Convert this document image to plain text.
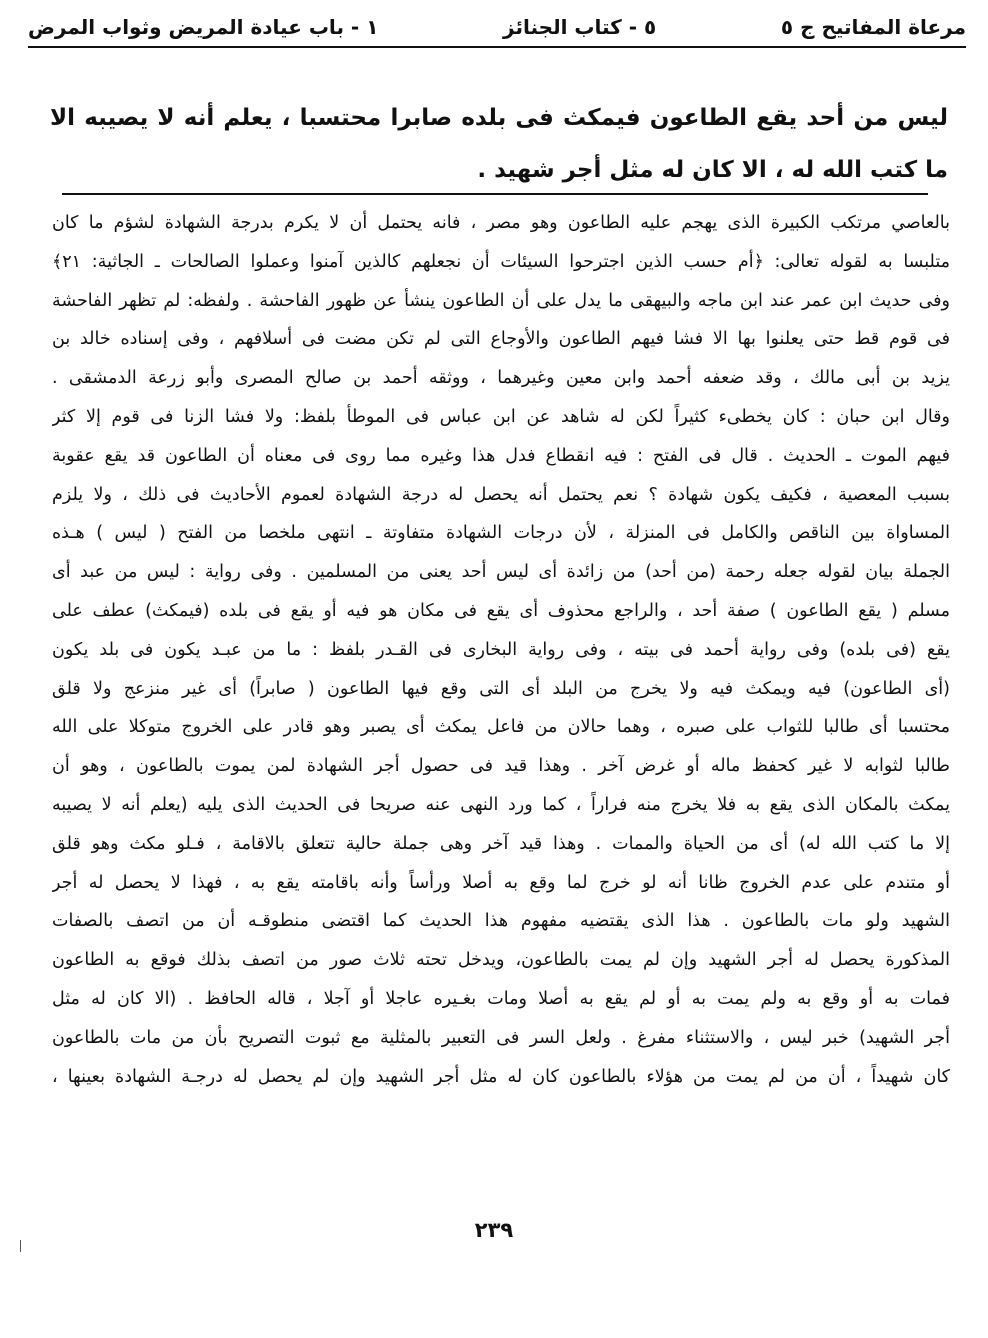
مرعاة المفاتيح ج ٥
٥ - كتاب الجنائز
١ - باب عيادة المريض وثواب المرض
ليس من أحد يقع الطاعون فيمكث فى بلده صابرا محتسبا ، يعلم أنه لا يصيبه الا ما كتب الله له ، الا كان له مثل أجر شهيد .
بالعاصي مرتكب الكبيرة الذى يهجم عليه الطاعون وهو مصر ، فانه يحتمل أن لا يكرم بدرجة الشهادة لشؤم ما كان
متلبسا به لقوله تعالى: ﴿أم حسب الذين اجترحوا السيئات أن نجعلهم كالذين آمنوا وعملوا الصالحات ـ الجاثية: ٢١﴾
وفى حديث ابن عمر عند ابن ماجه والبيهقى ما يدل على أن الطاعون ينشأ عن ظهور الفاحشة . ولفظه: لم تظهر الفاحشة
فى قوم قط حتى يعلنوا بها الا فشا فيهم الطاعون والأوجاع التى لم تكن مضت فى أسلافهم ، وفى إسناده خالد بن
يزيد بن أبى مالك ، وقد ضعفه أحمد وابن معين وغيرهما ، ووثقه أحمد بن صالح المصرى وأبو زرعة الدمشقى .
وقال ابن حبان : كان يخطىء كثيراً لكن له شاهد عن ابن عباس فى الموطأ بلفظ: ولا فشا الزنا فى قوم إلا كثر
فيهم الموت ـ الحديث . قال فى الفتح : فيه انقطاع فدل هذا وغيره مما روى فى معناه أن الطاعون قد يقع عقوبة
بسبب المعصية ، فكيف يكون شهادة ؟ نعم يحتمل أنه يحصل له درجة الشهادة لعموم الأحاديث فى ذلك ، ولا يلزم
المساواة بين الناقص والكامل فى المنزلة ، لأن درجات الشهادة متفاوتة ـ انتهى ملخصا من الفتح ( ليس ) هـذه
الجملة بيان لقوله جعله رحمة (من أحد) من زائدة أى ليس أحد يعنى من المسلمين . وفى رواية : ليس من عبد أى
مسلم ( يقع الطاعون ) صفة أحد ، والراجع محذوف أى يقع فى مكان هو فيه أو يقع فى بلده (فيمكث) عطف على
يقع (فى بلده) وفى رواية أحمد فى بيته ، وفى رواية البخارى فى القـدر بلفظ : ما من عبـد يكون فى بلد يكون
(أى الطاعون) فيه ويمكث فيه ولا يخرج من البلد أى التى وقع فيها الطاعون ( صابراً) أى غير منزعج ولا قلق
محتسبا أى طالبا للثواب على صبره ، وهما حالان من فاعل يمكث أى يصبر وهو قادر على الخروج متوكلا على الله
طالبا لثوابه لا غير كحفظ ماله أو غرض آخر . وهذا قيد فى حصول أجر الشهادة لمن يموت بالطاعون ، وهو أن
يمكث بالمكان الذى يقع به فلا يخرج منه فراراً ، كما ورد النهى عنه صريحا فى الحديث الذى يليه (يعلم أنه لا يصيبه
إلا ما كتب الله له) أى من الحياة والممات . وهذا قيد آخر وهى جملة حالية تتعلق بالاقامة ، فـلو مكث وهو قلق
أو متندم على عدم الخروج ظانا أنه لو خرج لما وقع به أصلا ورأساً وأنه باقامته يقع به ، فهذا لا يحصل له أجر
الشهيد ولو مات بالطاعون . هذا الذى يقتضيه مفهوم هذا الحديث كما اقتضى منطوقـه أن من اتصف بالصفات
المذكورة يحصل له أجر الشهيد وإن لم يمت بالطاعون، ويدخل تحته ثلاث صور من اتصف بذلك فوقع به الطاعون
فمات به أو وقع به ولم يمت به أو لم يقع به أصلا ومات بغـيره عاجلا أو آجلا ، قاله الحافظ . (الا كان له مثل
أجر الشهيد) خبر ليس ، والاستثناء مفرغ . ولعل السر فى التعبير بالمثلية مع ثبوت التصريح بأن من مات بالطاعون
كان شهيداً ، أن من لم يمت من هؤلاء بالطاعون كان له مثل أجر الشهيد وإن لم يحصل له درجـة الشهادة بعينها ،
٢٣٩
